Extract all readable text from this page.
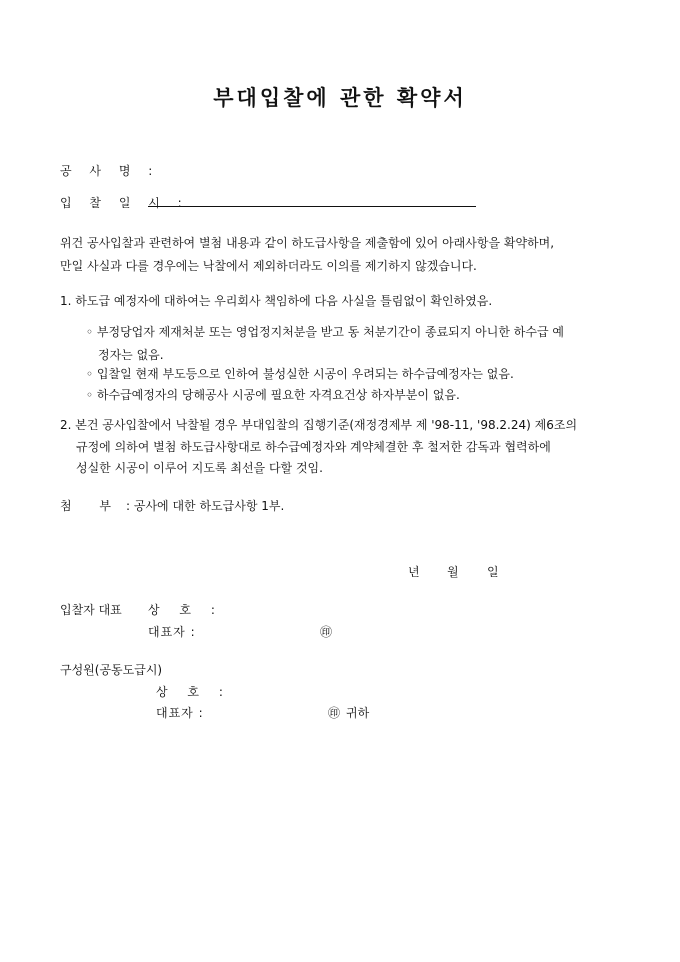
부대입찰에 관한 확약서
공 사 명 :
입 찰 일 시 :
위건 공사입찰과 관련하여 별첨 내용과 같이 하도급사항을 제출함에 있어 아래사항을 확약하며,
만일 사실과 다를 경우에는 낙찰에서 제외하더라도 이의를 제기하지 않겠습니다.
1. 하도급 예정자에 대하여는 우리회사 책임하에 다음 사실을 틀림없이 확인하였음.
◦ 부정당업자 제재처분 또는 영업정지처분을 받고 동 처분기간이 종료되지 아니한 하수급 예
정자는 없음.
◦ 입찰일 현재 부도등으로 인하여 불성실한 시공이 우려되는 하수급예정자는 없음.
◦ 하수급예정자의 당해공사 시공에 필요한 자격요건상 하자부분이 없음.
2. 본건 공사입찰에서 낙찰될 경우 부대입찰의 집행기준(재정경제부 제 '98-11, '98.2.24) 제6조의
규정에 의하여 별첨 하도급사항대로 하수급예정자와 계약체결한 후 철저한 감독과 협력하에
성실한 시공이 이루어 지도록 최선을 다할 것임.
첨 부 : 공사에 대한 하도급사항 1부.
년 월 일
입찰자 대표 상 호 :
대표자 :	㊞
구성원(공동도급시)
상 호 :
대표자 :	㊞ 귀하
